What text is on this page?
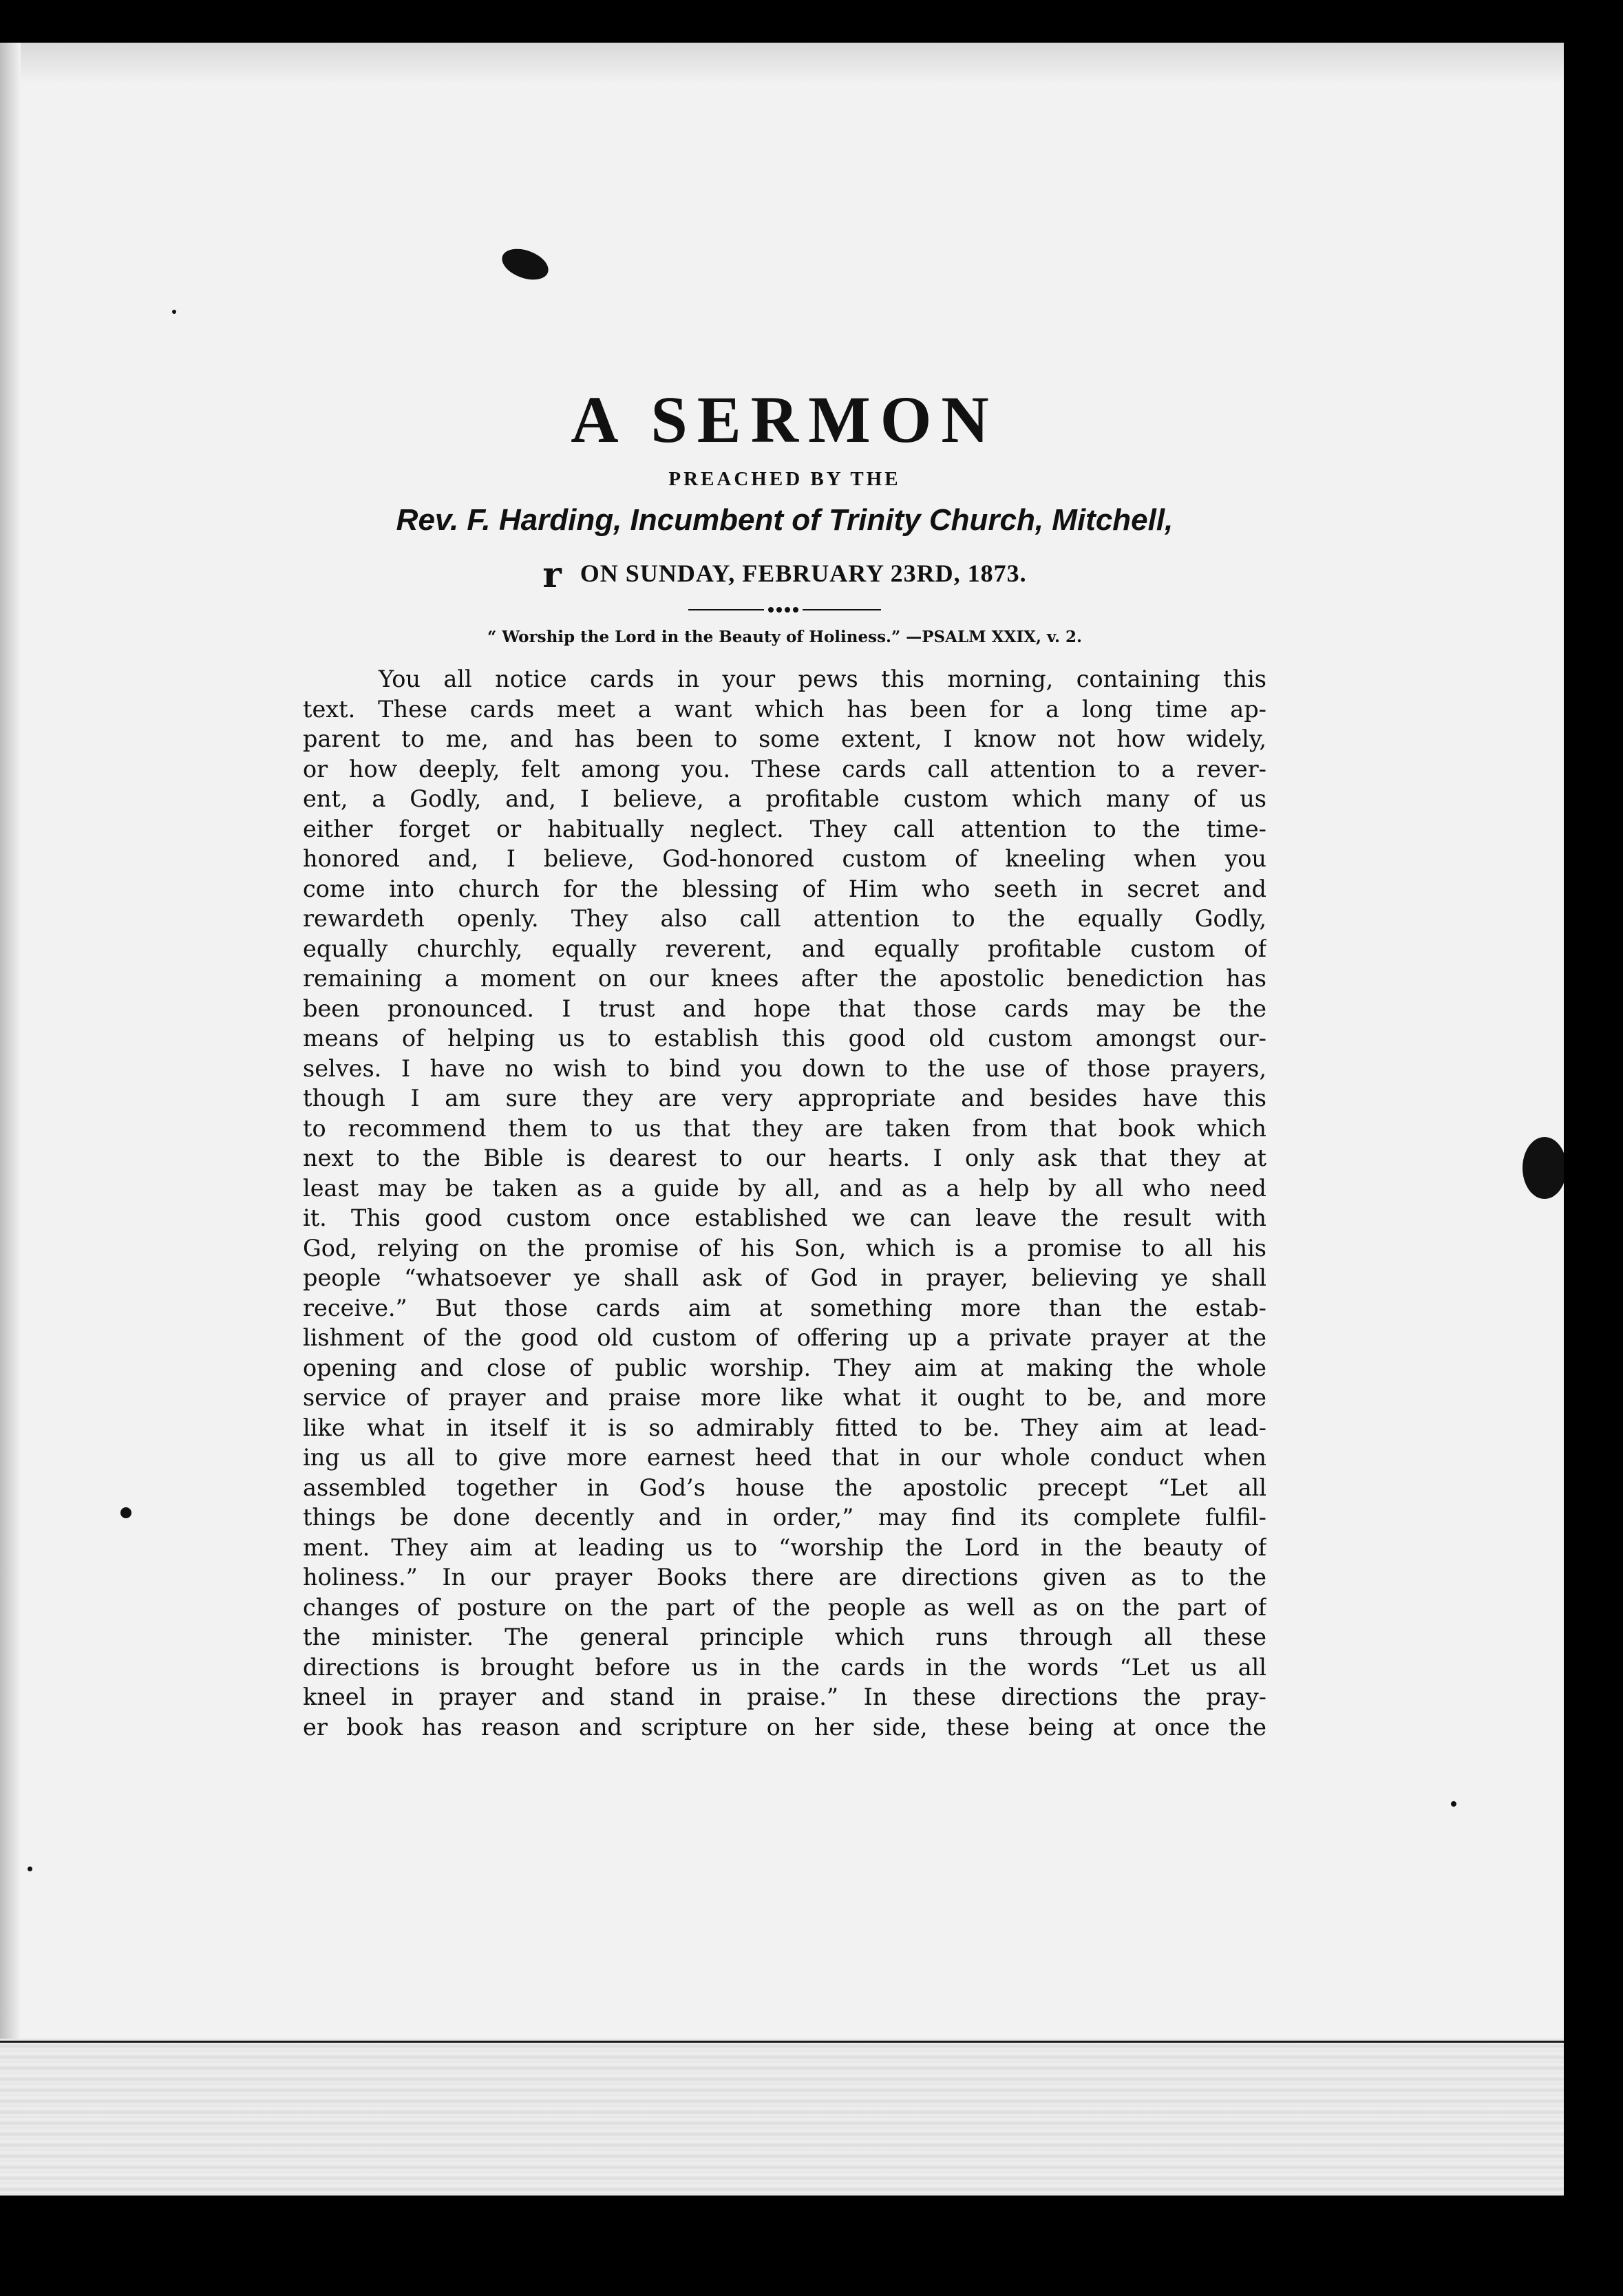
A SERMON
PREACHED BY THE
Rev. F. Harding, Incumbent of Trinity Church, Mitchell,
r ON SUNDAY, FEBRUARY 23RD, 1873.
“ Worship the Lord in the Beauty of Holiness.” —PSALM XXIX, v. 2.
You all notice cards in your pews this morning, containing this
text. These cards meet a want which has been for a long time ap-
parent to me, and has been to some extent, I know not how widely,
or how deeply, felt among you. These cards call attention to a rever-
ent, a Godly, and, I believe, a profitable custom which many of us
either forget or habitually neglect. They call attention to the time-
honored and, I believe, God-honored custom of kneeling when you
come into church for the blessing of Him who seeth in secret and
rewardeth openly. They also call attention to the equally Godly,
equally churchly, equally reverent, and equally profitable custom of
remaining a moment on our knees after the apostolic benediction has
been pronounced. I trust and hope that those cards may be the
means of helping us to establish this good old custom amongst our-
selves. I have no wish to bind you down to the use of those prayers,
though I am sure they are very appropriate and besides have this
to recommend them to us that they are taken from that book which
next to the Bible is dearest to our hearts. I only ask that they at
least may be taken as a guide by all, and as a help by all who need
it. This good custom once established we can leave the result with
God, relying on the promise of his Son, which is a promise to all his
people “whatsoever ye shall ask of God in prayer, believing ye shall
receive.” But those cards aim at something more than the estab-
lishment of the good old custom of offering up a private prayer at the
opening and close of public worship. They aim at making the whole
service of prayer and praise more like what it ought to be, and more
like what in itself it is so admirably fitted to be. They aim at lead-
ing us all to give more earnest heed that in our whole conduct when
assembled together in God’s house the apostolic precept “Let all
things be done decently and in order,” may find its complete fulfil-
ment. They aim at leading us to “worship the Lord in the beauty of
holiness.” In our prayer Books there are directions given as to the
changes of posture on the part of the people as well as on the part of
the minister. The general principle which runs through all these
directions is brought before us in the cards in the words “Let us all
kneel in prayer and stand in praise.” In these directions the pray-
er book has reason and scripture on her side, these being at once the
